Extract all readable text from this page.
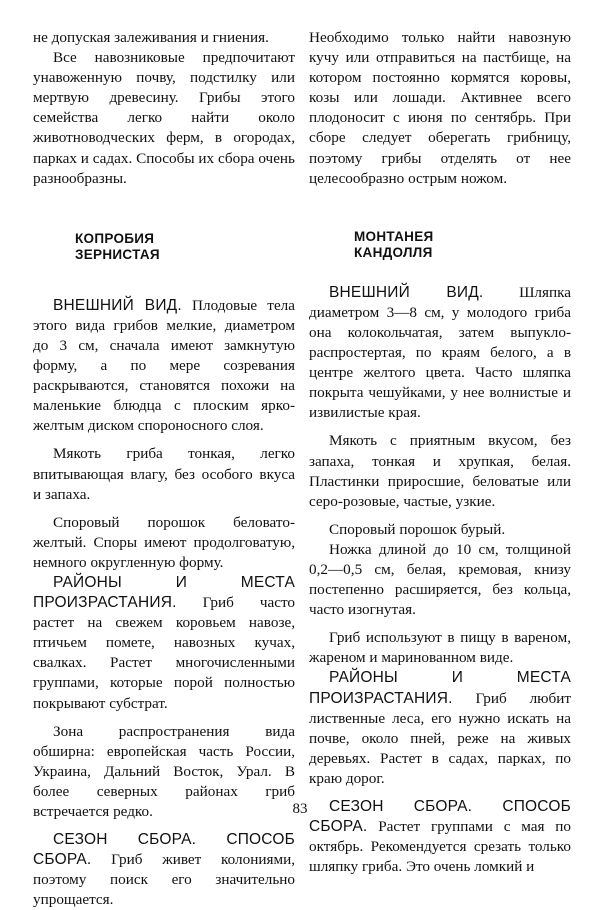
не допуская залеживания и гниения.

Все навозниковые предпочитают унавоженную почву, подстилку или мертвую древесину. Грибы этого семейства легко найти около животноводческих ферм, в огородах, парках и садах. Способы их сбора очень разнообразны.

КОПРОБИЯ
ЗЕРНИСТАЯ

ВНЕШНИЙ ВИД. Плодовые тела этого вида грибов мелкие, диаметром до 3 см, сначала имеют замкнутую форму, а по мере созревания раскрываются, становятся похожи на маленькие блюдца с плоским ярко-желтым диском спороносного слоя.

Мякоть гриба тонкая, легко впитывающая влагу, без особого вкуса и запаха.

Споровый порошок беловато-желтый. Споры имеют продолговатую, немного округленную форму.

РАЙОНЫ И МЕСТА ПРОИЗРАСТАНИЯ. Гриб часто растет на свежем коровьем навозе, птичьем помете, навозных кучах, свалках. Растет многочисленными группами, которые порой полностью покрывают субстрат.

Зона распространения вида обширна: европейская часть России, Украина, Дальний Восток, Урал. В более северных районах гриб встречается редко.

СЕЗОН СБОРА. СПОСОБ СБОРА. Гриб живет колониями, поэтому поиск его значительно упрощается.

Необходимо только найти навозную кучу или отправиться на пастбище, на котором постоянно кормятся коровы, козы или лошади. Активнее всего плодоносит с июня по сентябрь. При сборе следует оберегать грибницу, поэтому грибы отделять от нее целесообразно острым ножом.

МОНТАНЕЯ
КАНДОЛЛЯ

ВНЕШНИЙ ВИД. Шляпка диаметром 3—8 см, у молодого гриба она колокольчатая, затем выпукло-распростертая, по краям белого, а в центре желтого цвета. Часто шляпка покрыта чешуйками, у нее волнистые и извилистые края.

Мякоть с приятным вкусом, без запаха, тонкая и хрупкая, белая. Пластинки приросшие, беловатые или серо-розовые, частые, узкие.

Споровый порошок бурый.

Ножка длиной до 10 см, толщиной 0,2—0,5 см, белая, кремовая, книзу постепенно расширяется, без кольца, часто изогнутая.

Гриб используют в пищу в вареном, жареном и маринованном виде.

РАЙОНЫ И МЕСТА ПРОИЗРАСТАНИЯ. Гриб любит лиственные леса, его нужно искать на почве, около пней, реже на живых деревьях. Растет в садах, парках, по краю дорог.

СЕЗОН СБОРА. СПОСОБ СБОРА. Растет группами с мая по октябрь. Рекомендуется срезать только шляпку гриба. Это очень ломкий и

83
